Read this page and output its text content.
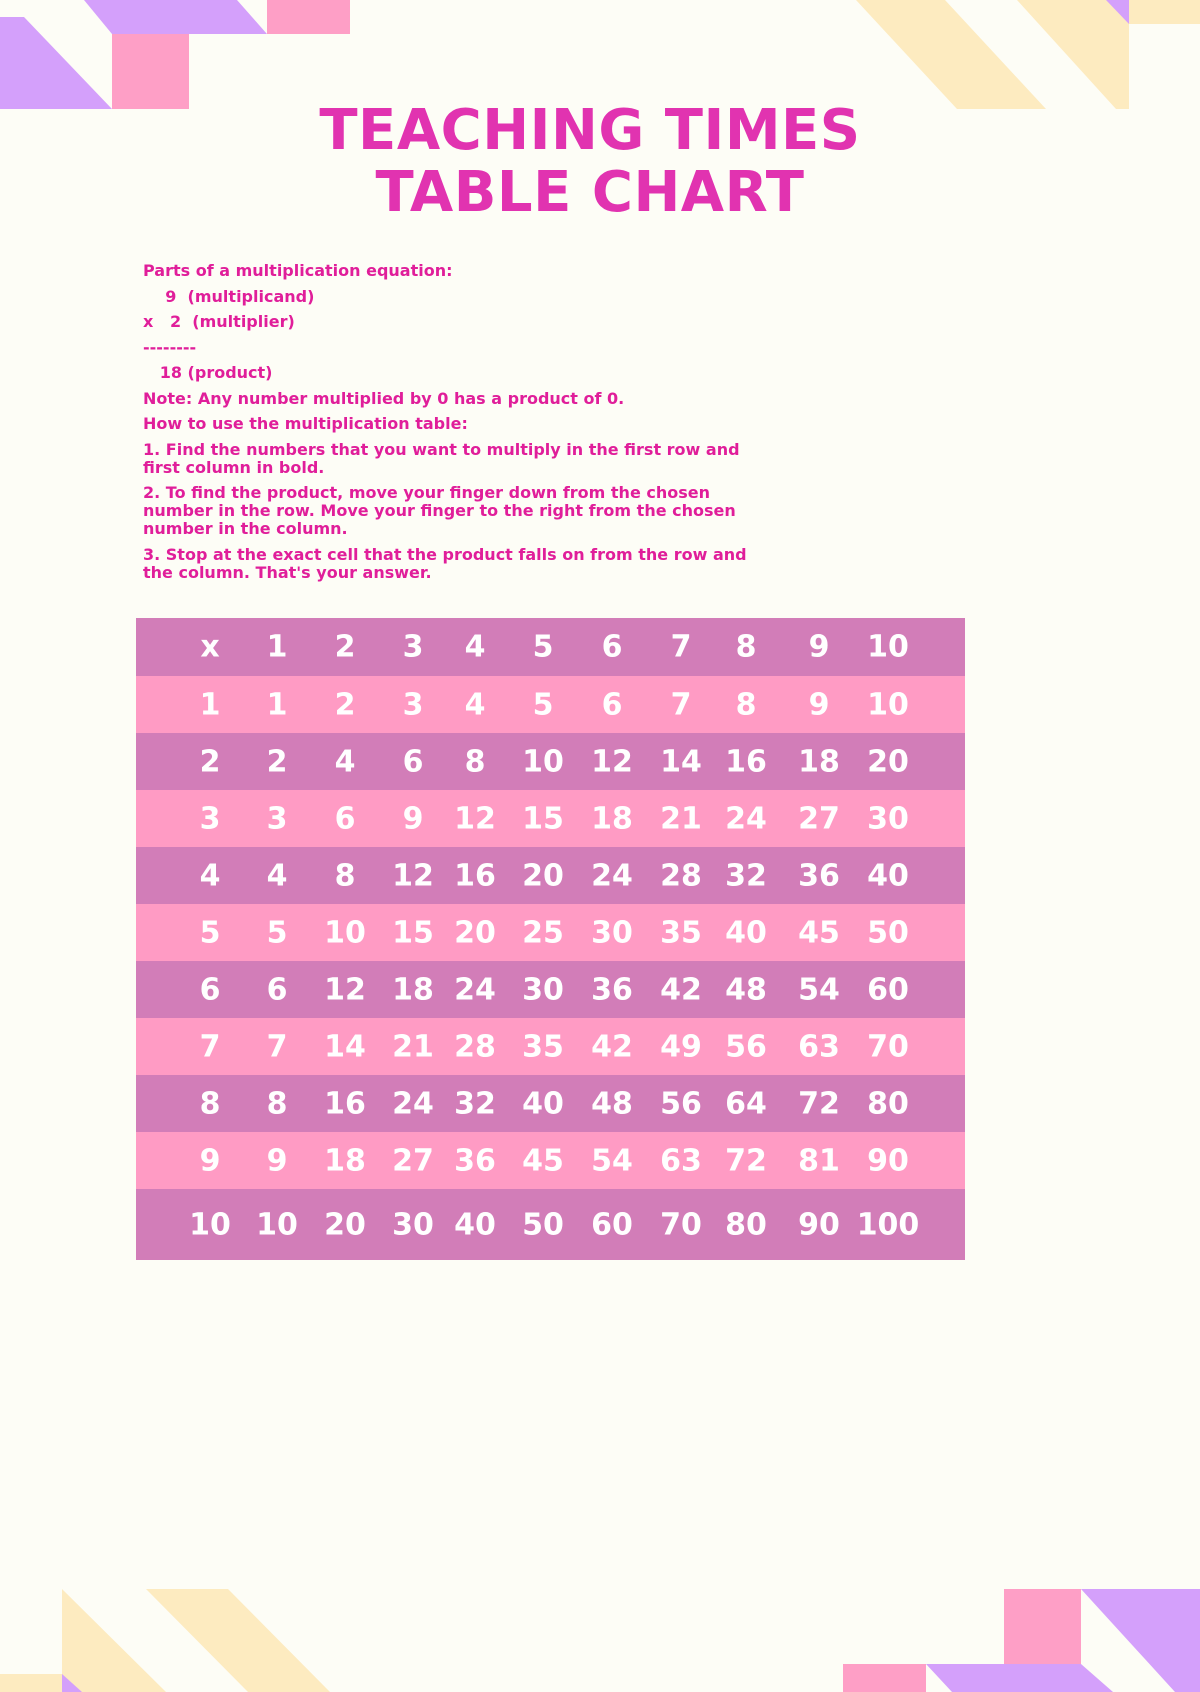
TEACHING TIMES
TABLE CHART

Parts of a multiplication equation:

9  (multiplicand)

x   2  (multiplier)

--------

18 (product)

Note: Any number multiplied by 0 has a product of 0.

How to use the multiplication table:

1. Find the numbers that you want to multiply in the first row and first column in bold.

2. To find the product, move your finger down from the chosen number in the row. Move your finger to the right from the chosen number in the column.

3. Stop at the exact cell that the product falls on from the row and the column. That's your answer.

x 1 2 3 4 5 6 7 8 9 10
1 1 2 3 4 5 6 7 8 9 10
2 2 4 6 8 10 12 14 16 18 20
3 3 6 9 12 15 18 21 24 27 30
4 4 8 12 16 20 24 28 32 36 40
5 5 10 15 20 25 30 35 40 45 50
6 6 12 18 24 30 36 42 48 54 60
7 7 14 21 28 35 42 49 56 63 70
8 8 16 24 32 40 48 56 64 72 80
9 9 18 27 36 45 54 63 72 81 90
10 10 20 30 40 50 60 70 80 90 100
